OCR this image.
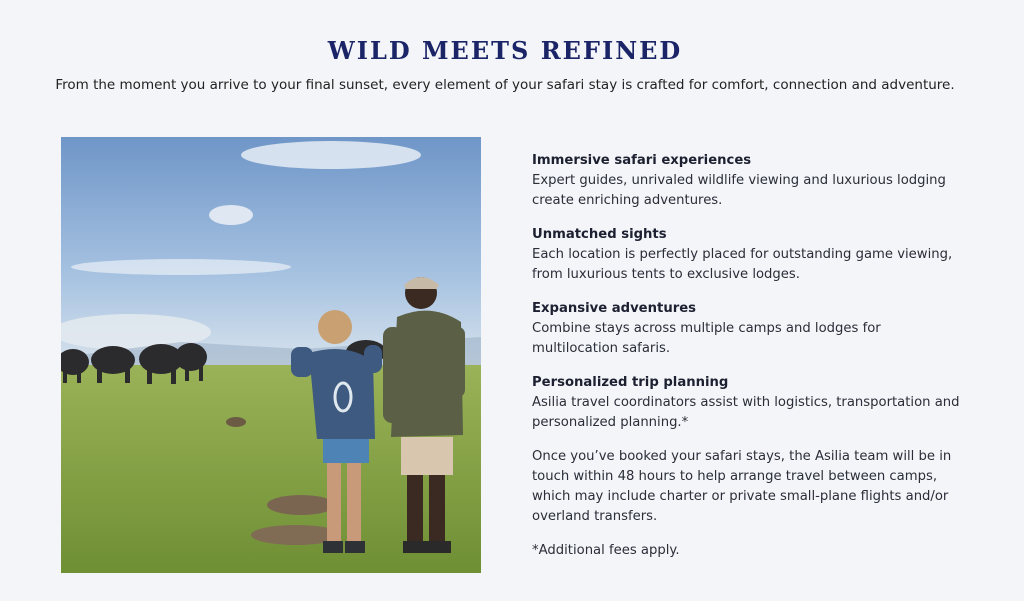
WILD MEETS REFINED
From the moment you arrive to your final sunset, every element of your safari stay is crafted for comfort, connection and adventure.
Immersive safari experiences
Expert guides, unrivaled wildlife viewing and luxurious lodging create enriching adventures.
Unmatched sights
Each location is perfectly placed for outstanding game viewing, from luxurious tents to exclusive lodges.
Expansive adventures
Combine stays across multiple camps and lodges for multilocation safaris.
Personalized trip planning
Asilia travel coordinators assist with logistics, transportation and personalized planning.*
Once you’ve booked your safari stays, the Asilia team will be in touch within 48 hours to help arrange travel between camps, which may include charter or private small-plane flights and/or overland transfers.
*Additional fees apply.
